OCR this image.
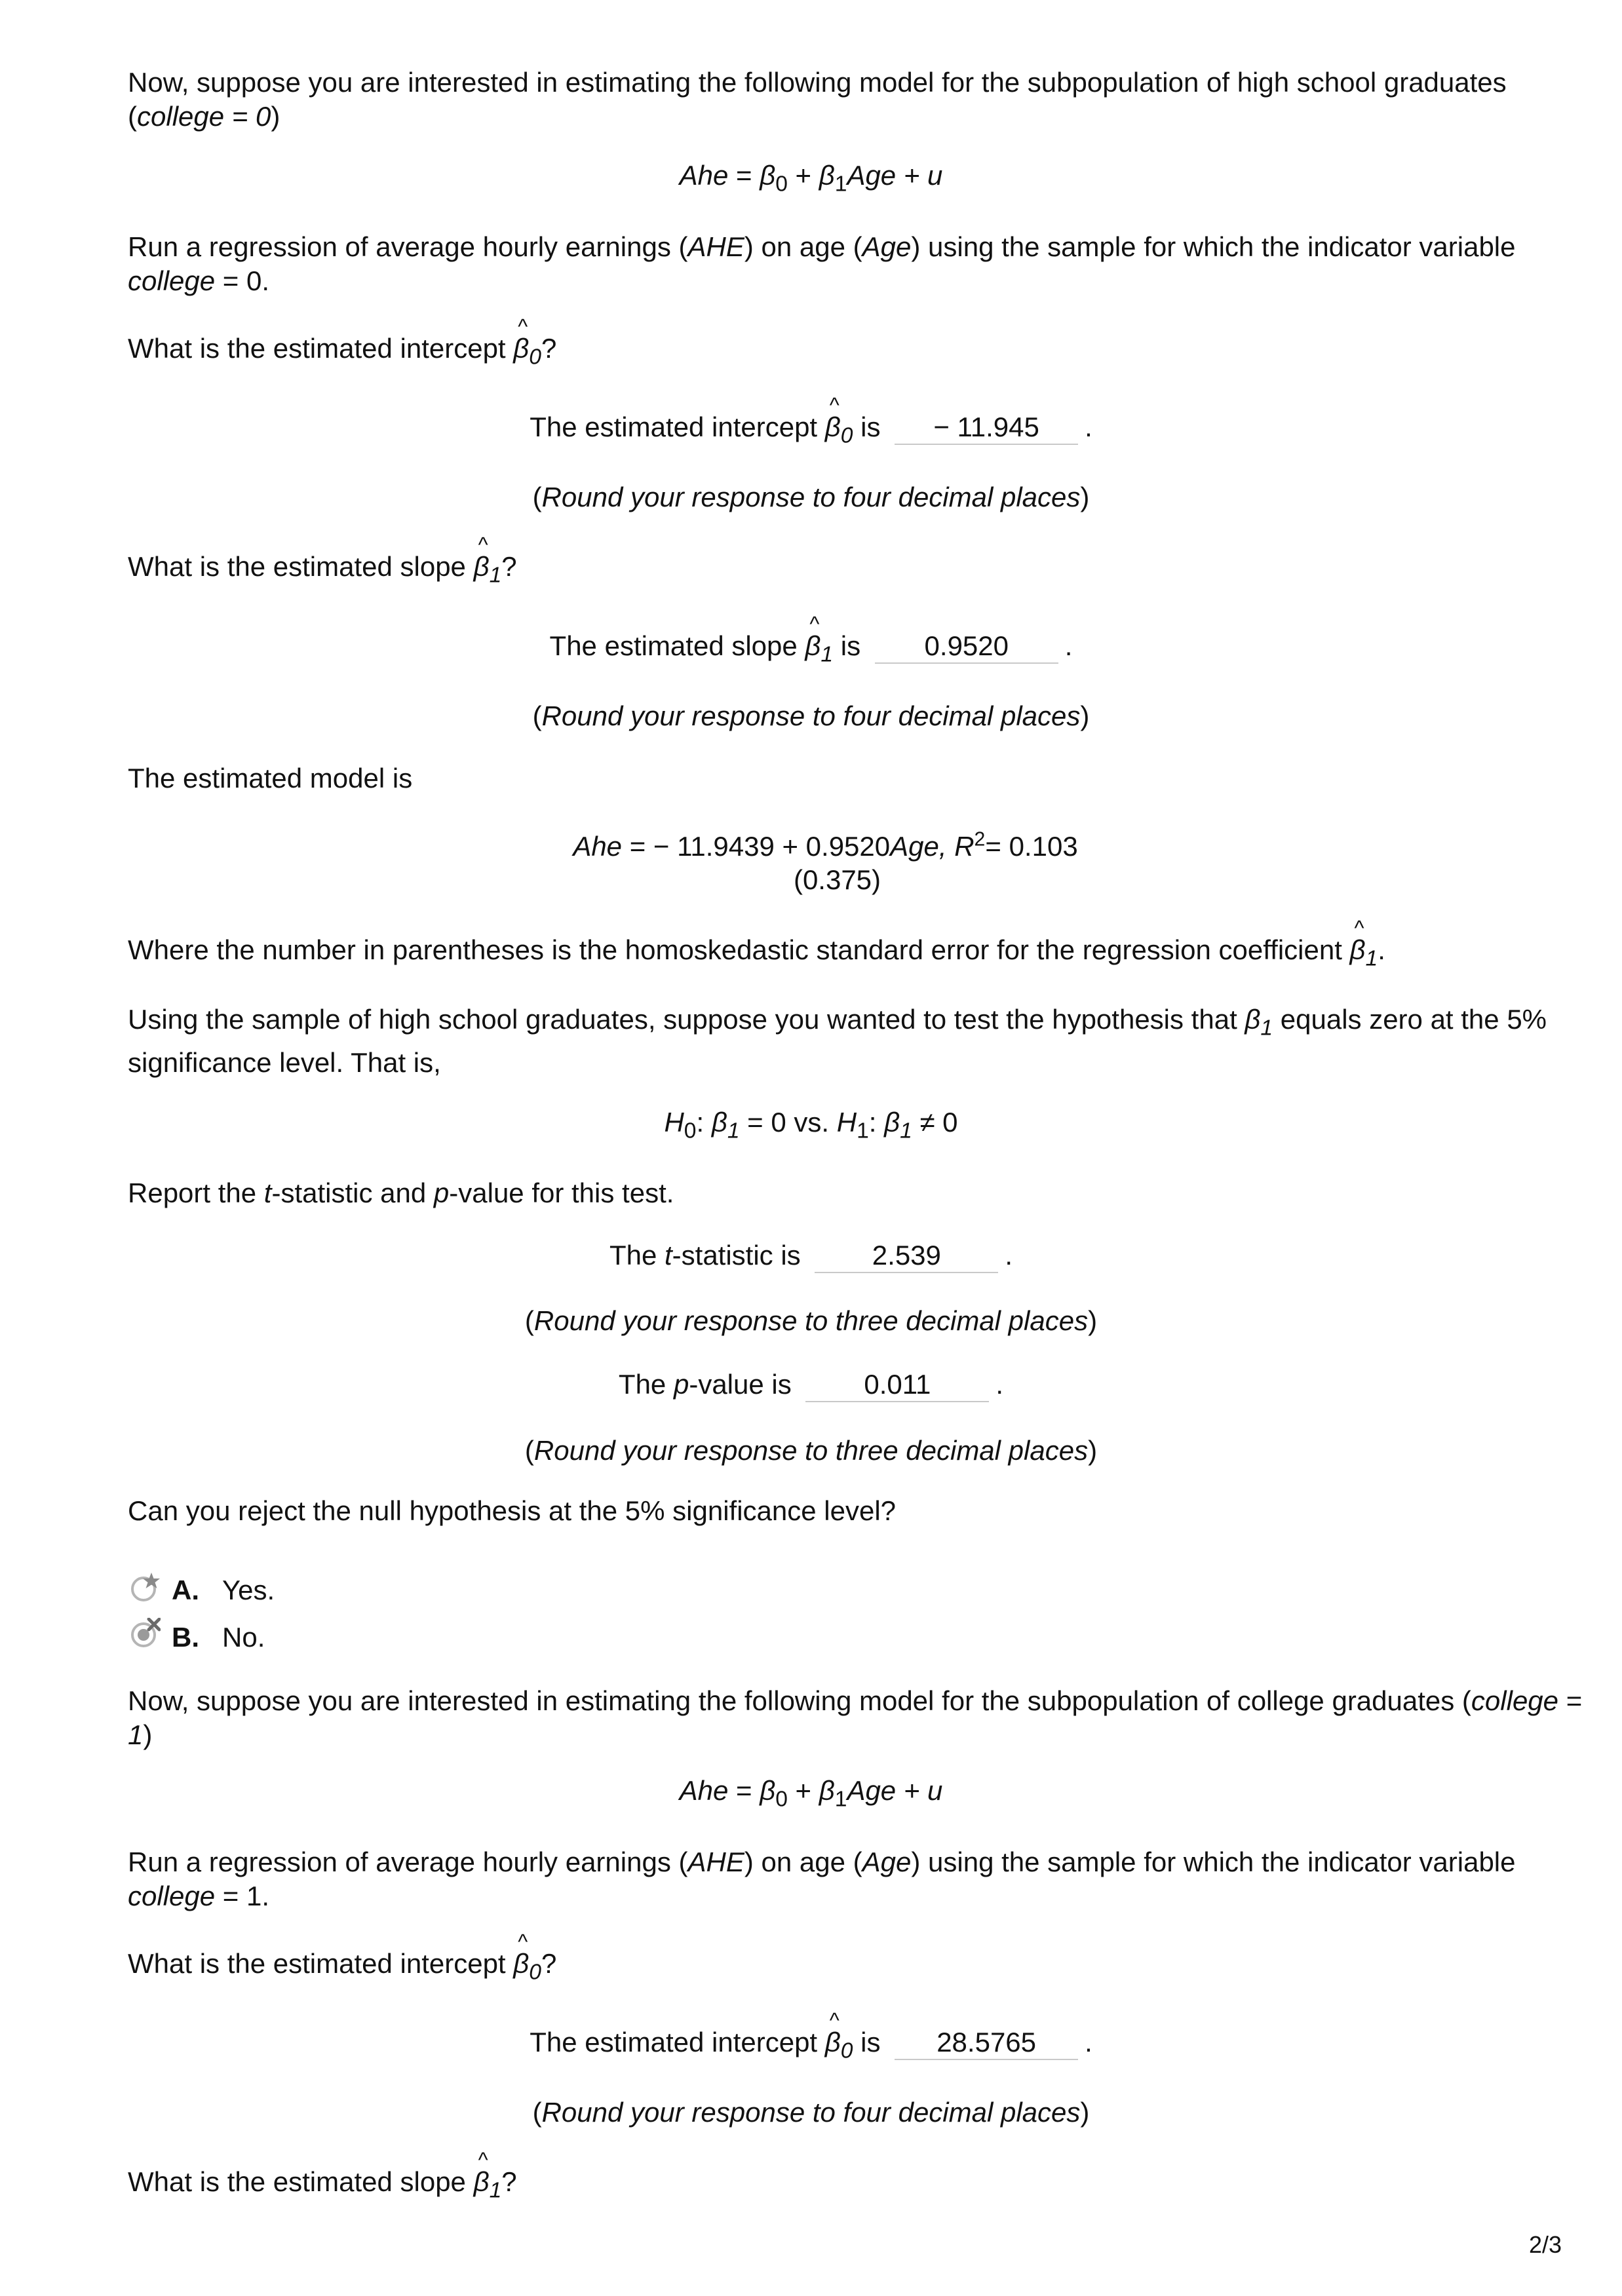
Now, suppose you are interested in estimating the following model for the subpopulation of high school graduates (college = 0)
Ahe = $\beta_0 + \beta_1Age + u$
Run a regression of average hourly earnings (AHE) on age (Age) using the sample for which the indicator variable
college = 0.
What is the estimated intercept ^ $\beta_0$?
The estimated intercept ^ $\beta_0$ is − 11.945 .
(Round your response to four decimal places)
What is the estimated slope ^ $\beta_1$?
The estimated slope ^ $\beta_1$ is 0.9520 .
(Round your response to four decimal places)
The estimated model is
Ahe = − 11.9439 + 0.9520Age, $R^2= 0.103$
(0.375)
Where the number in parentheses is the homoskedastic standard error for the regression coefficient ^ $\beta_1$.
Using the sample of high school graduates, suppose you wanted to test the hypothesis that $\beta_1$ equals zero at the 5%
significance level. That is,
$H_0$: $\beta_1 = 0$ vs. $H_1$: $\beta_1 \ne 0$
Report the t-statistic and p-value for this test.
The t-statistic is	2.539 .
(Round your response to three decimal places)
The p-value is	0.011 .
(Round your response to three decimal places)
Can you reject the null hypothesis at the 5% significance level?
A. Yes.
B. No.
Now, suppose you are interested in estimating the following model for the subpopulation of college graduates (college =
1)
Ahe = $\beta_0 + \beta_1Age + u$
Run a regression of average hourly earnings (AHE) on age (Age) using the sample for which the indicator variable
college = 1.
What is the estimated intercept ^ $\beta_0$?
The estimated intercept ^ $\beta_0$ is 28.5765 .
(Round your response to four decimal places)
What is the estimated slope ^ $\beta_1$?
2/3
